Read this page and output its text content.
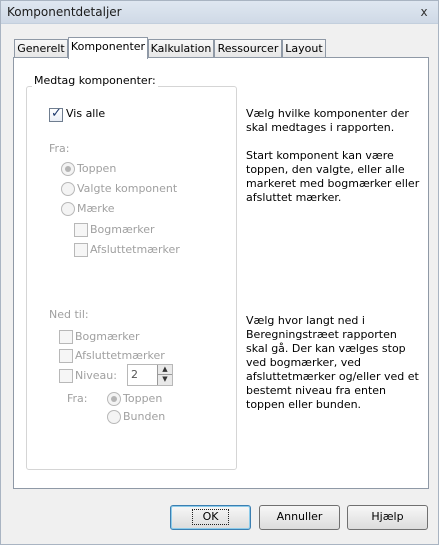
Komponentdetaljer	x
Generelt Komponenter Kalkulation Ressourcer Layout
Medtag komponenter:
✓ Vis alle
Fra:
Toppen
Valgte komponent
Mærke
Bogmærker
Afsluttetmærker
Ned til:
Bogmærker
Afsluttetmærker
Niveau: 2	▲
▼
Fra:	Toppen
Bunden

Vælg hvilke komponenter der skal medtages i rapporten.

Start komponent kan være toppen, den valgte, eller alle markeret med bogmærker eller afsluttet mærker.

Vælg hvor langt ned i Beregningstræet rapporten skal gå. Der kan vælges stop ved bogmærker, ved afsluttetmærker og/eller ved et bestemt niveau fra enten toppen eller bunden.

OK	Annuller	Hjælp
